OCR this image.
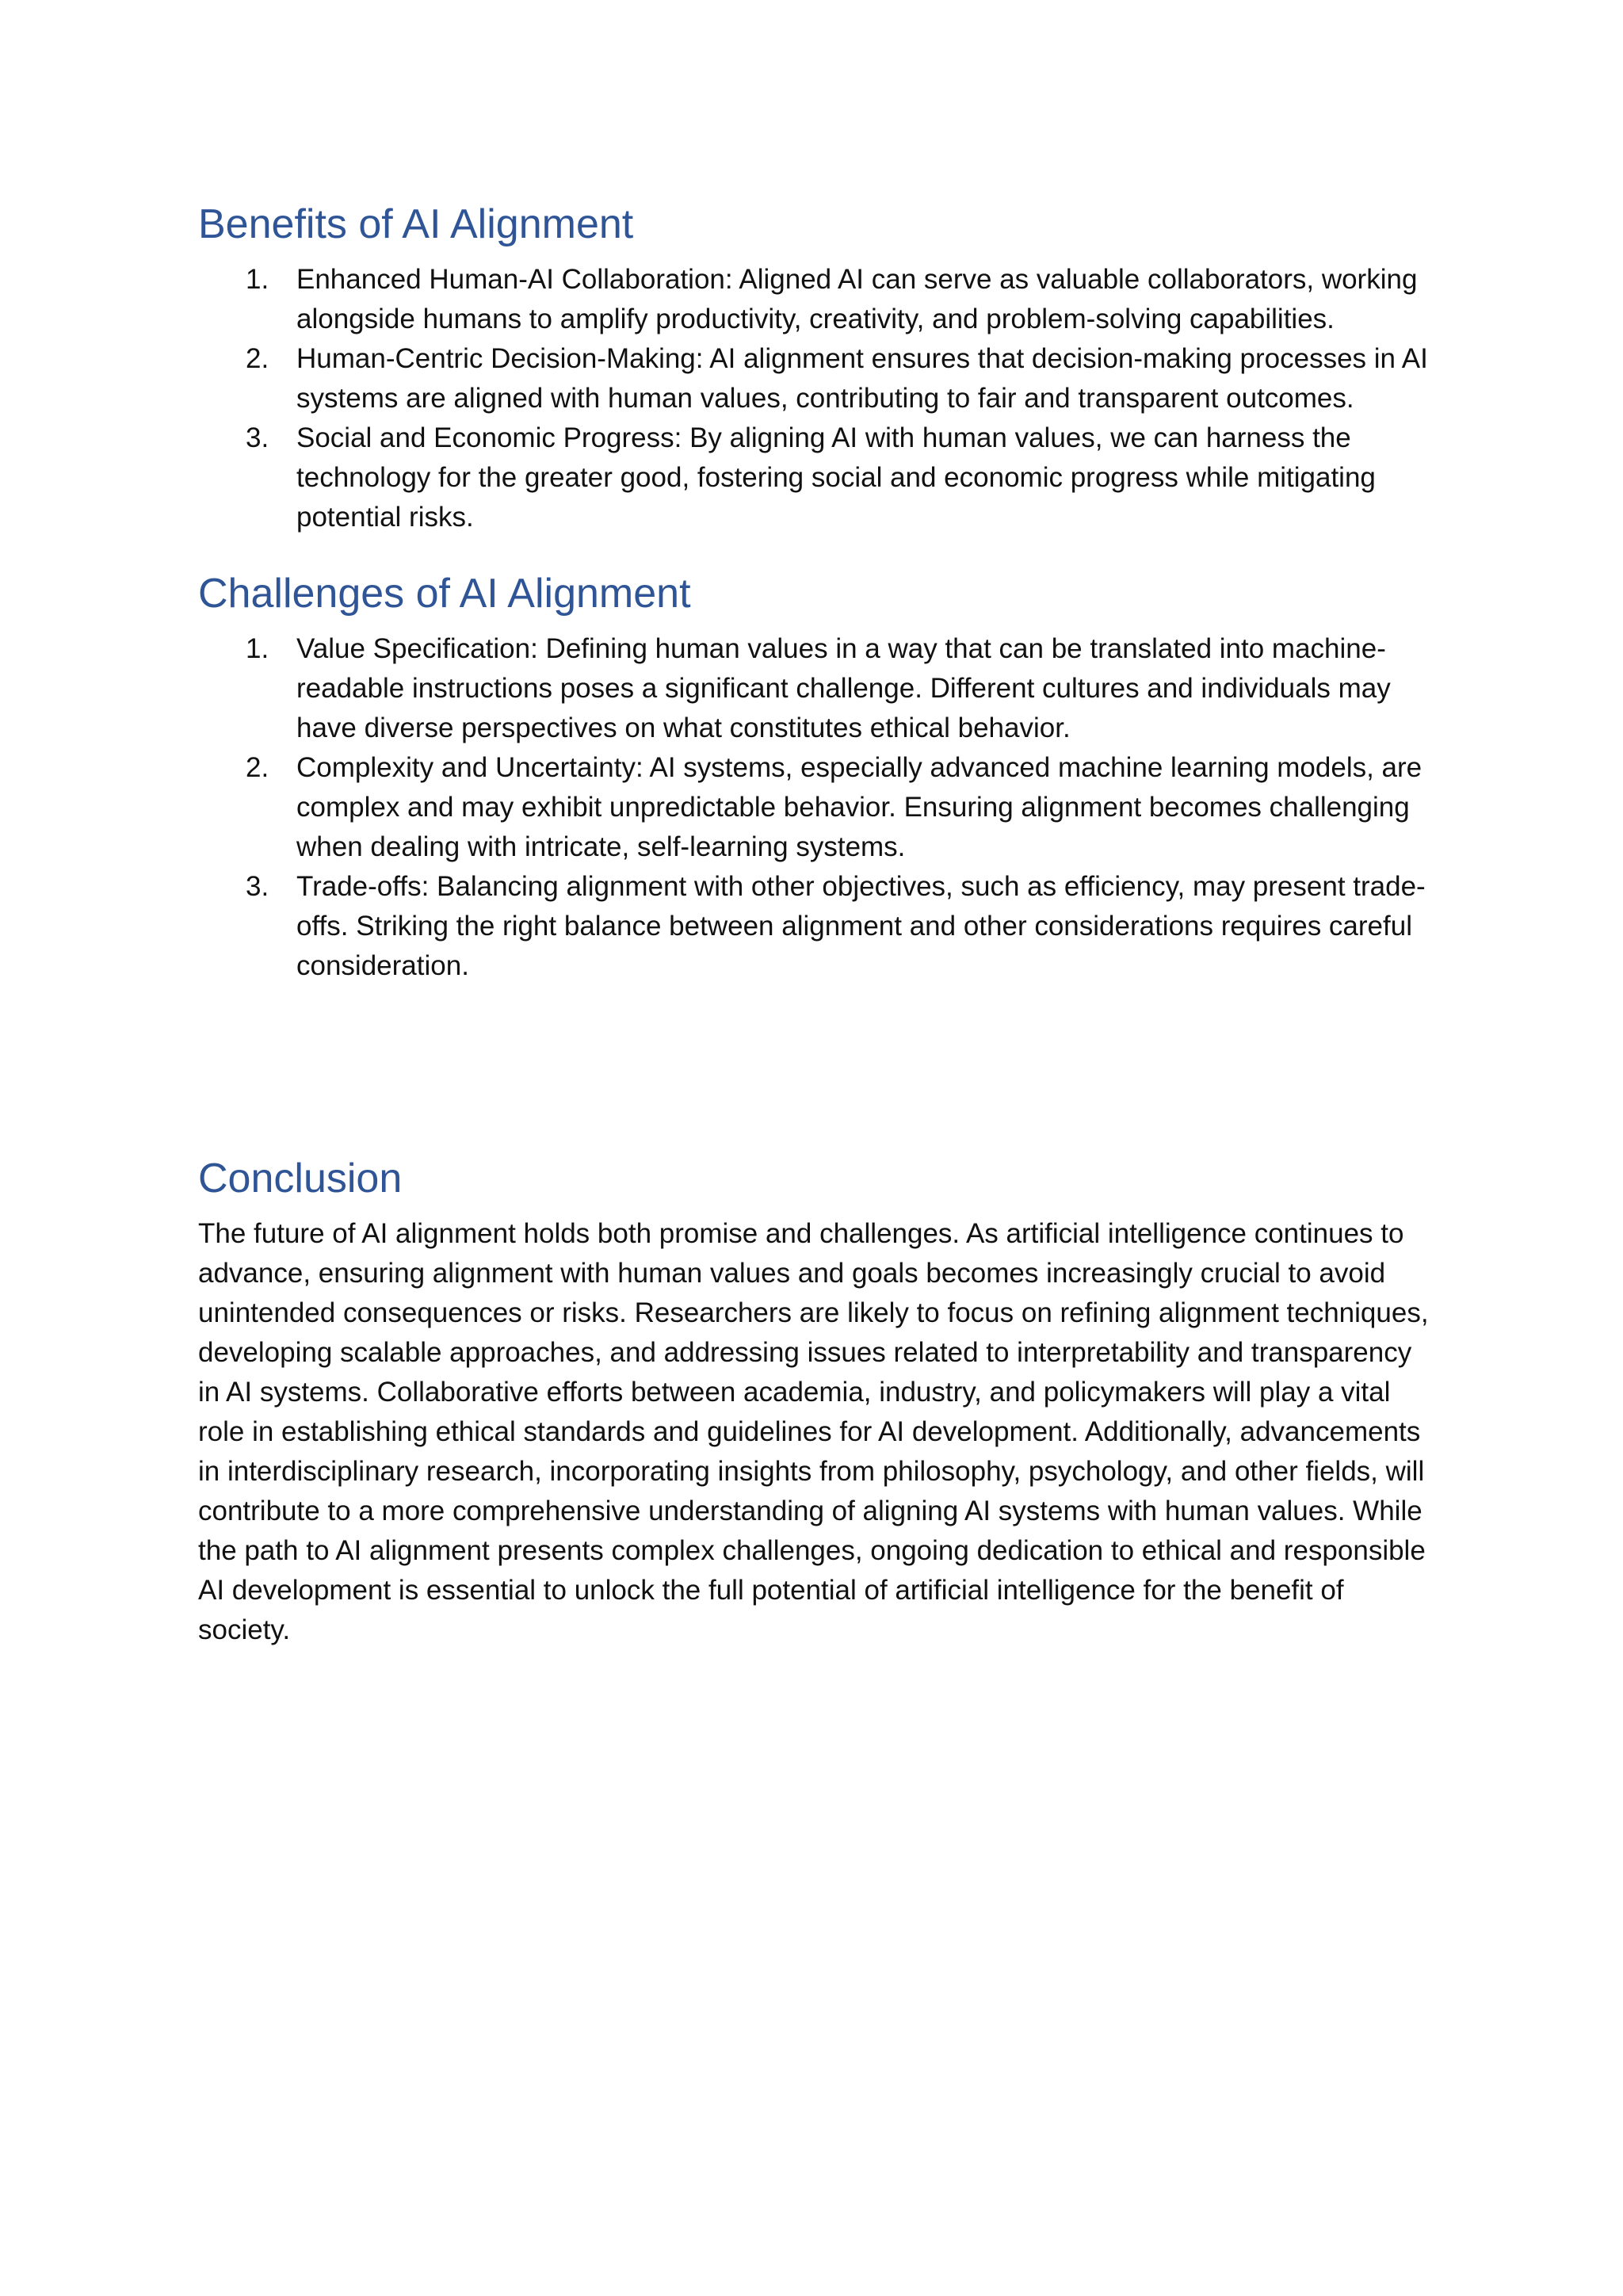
Benefits of AI Alignment
1. Enhanced Human-AI Collaboration: Aligned AI can serve as valuable collaborators, working alongside humans to amplify productivity, creativity, and problem-solving capabilities.
2. Human-Centric Decision-Making: AI alignment ensures that decision-making processes in AI systems are aligned with human values, contributing to fair and transparent outcomes.
3. Social and Economic Progress: By aligning AI with human values, we can harness the technology for the greater good, fostering social and economic progress while mitigating potential risks.
Challenges of AI Alignment
1. Value Specification: Defining human values in a way that can be translated into machine-readable instructions poses a significant challenge. Different cultures and individuals may have diverse perspectives on what constitutes ethical behavior.
2. Complexity and Uncertainty: AI systems, especially advanced machine learning models, are complex and may exhibit unpredictable behavior. Ensuring alignment becomes challenging when dealing with intricate, self-learning systems.
3. Trade-offs: Balancing alignment with other objectives, such as efficiency, may present trade-offs. Striking the right balance between alignment and other considerations requires careful consideration.
Conclusion

The future of AI alignment holds both promise and challenges. As artificial intelligence continues to advance, ensuring alignment with human values and goals becomes increasingly crucial to avoid unintended consequences or risks. Researchers are likely to focus on refining alignment techniques, developing scalable approaches, and addressing issues related to interpretability and transparency in AI systems. Collaborative efforts between academia, industry, and policymakers will play a vital role in establishing ethical standards and guidelines for AI development. Additionally, advancements in interdisciplinary research, incorporating insights from philosophy, psychology, and other fields, will contribute to a more comprehensive understanding of aligning AI systems with human values. While the path to AI alignment presents complex challenges, ongoing dedication to ethical and responsible AI development is essential to unlock the full potential of artificial intelligence for the benefit of society.
